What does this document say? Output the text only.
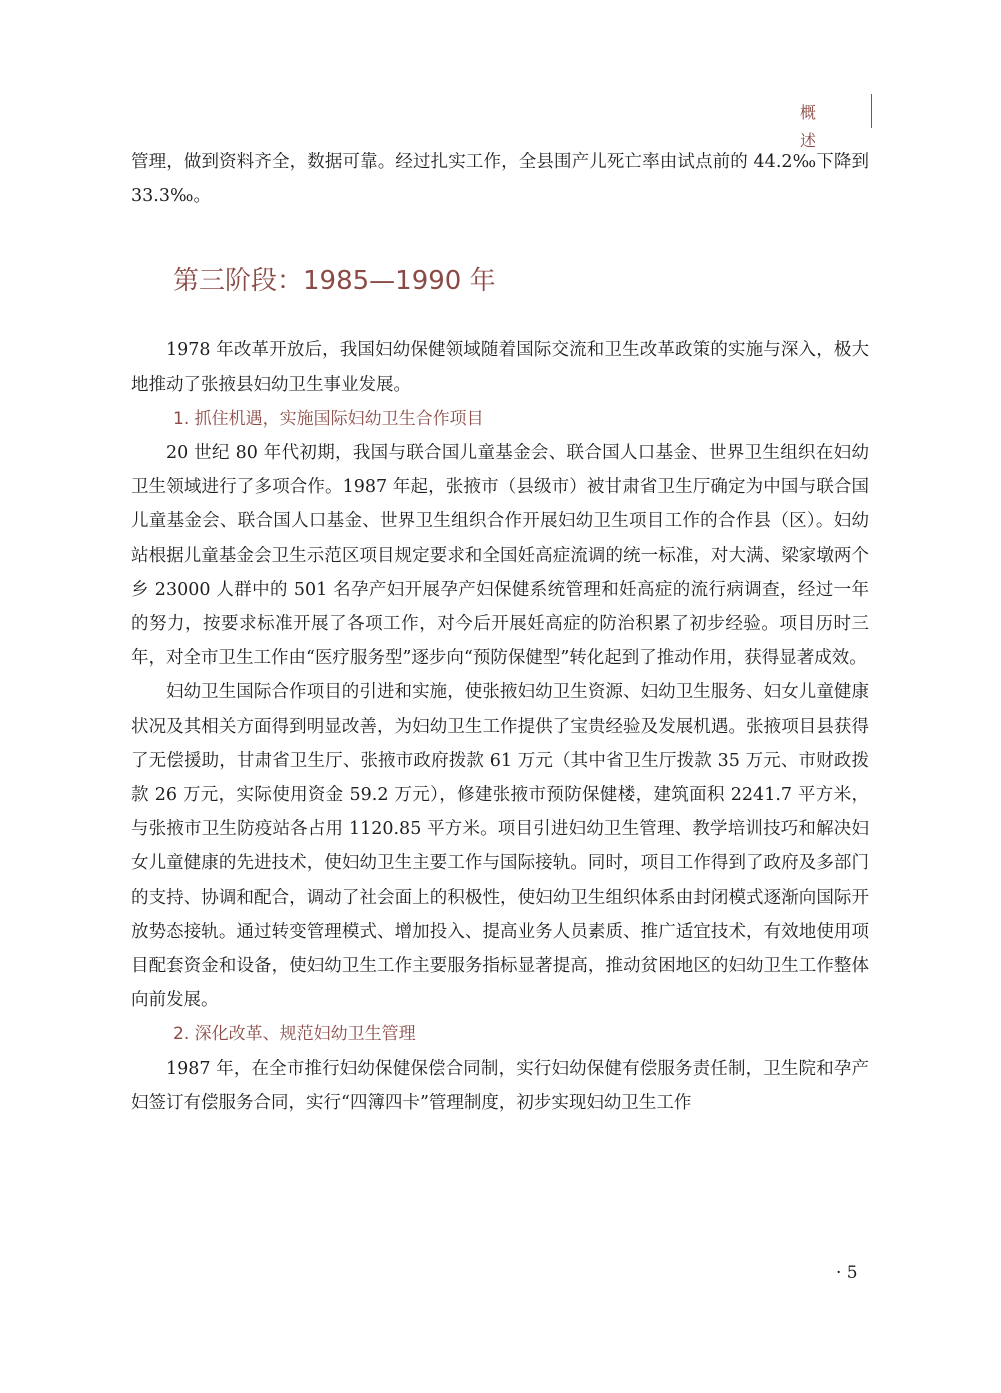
概 述

管理，做到资料齐全，数据可靠。经过扎实工作，全县围产儿死亡率由试点前的 44.2‰下降到 33.3‰。

第三阶段：1985—1990 年

1978 年改革开放后，我国妇幼保健领域随着国际交流和卫生改革政策的实施与深入，极大地推动了张掖县妇幼卫生事业发展。

1. 抓住机遇，实施国际妇幼卫生合作项目

20 世纪 80 年代初期，我国与联合国儿童基金会、联合国人口基金、世界卫生组织在妇幼卫生领域进行了多项合作。1987 年起，张掖市（县级市）被甘肃省卫生厅确定为中国与联合国儿童基金会、联合国人口基金、世界卫生组织合作开展妇幼卫生项目工作的合作县（区）。妇幼站根据儿童基金会卫生示范区项目规定要求和全国妊高症流调的统一标准，对大满、梁家墩两个乡 23000 人群中的 501 名孕产妇开展孕产妇保健系统管理和妊高症的流行病调查，经过一年的努力，按要求标准开展了各项工作，对今后开展妊高症的防治积累了初步经验。项目历时三年，对全市卫生工作由“医疗服务型”逐步向“预防保健型”转化起到了推动作用，获得显著成效。

妇幼卫生国际合作项目的引进和实施，使张掖妇幼卫生资源、妇幼卫生服务、妇女儿童健康状况及其相关方面得到明显改善，为妇幼卫生工作提供了宝贵经验及发展机遇。张掖项目县获得了无偿援助，甘肃省卫生厅、张掖市政府拨款 61 万元（其中省卫生厅拨款 35 万元、市财政拨款 26 万元，实际使用资金 59.2 万元），修建张掖市预防保健楼，建筑面积 2241.7 平方米，与张掖市卫生防疫站各占用 1120.85 平方米。项目引进妇幼卫生管理、教学培训技巧和解决妇女儿童健康的先进技术，使妇幼卫生主要工作与国际接轨。同时，项目工作得到了政府及多部门的支持、协调和配合，调动了社会面上的积极性，使妇幼卫生组织体系由封闭模式逐渐向国际开放势态接轨。通过转变管理模式、增加投入、提高业务人员素质、推广适宜技术，有效地使用项目配套资金和设备，使妇幼卫生工作主要服务指标显著提高，推动贫困地区的妇幼卫生工作整体向前发展。

2. 深化改革、规范妇幼卫生管理

1987 年，在全市推行妇幼保健保偿合同制，实行妇幼保健有偿服务责任制，卫生院和孕产妇签订有偿服务合同，实行“四簿四卡”管理制度，初步实现妇幼卫生工作

· 5
